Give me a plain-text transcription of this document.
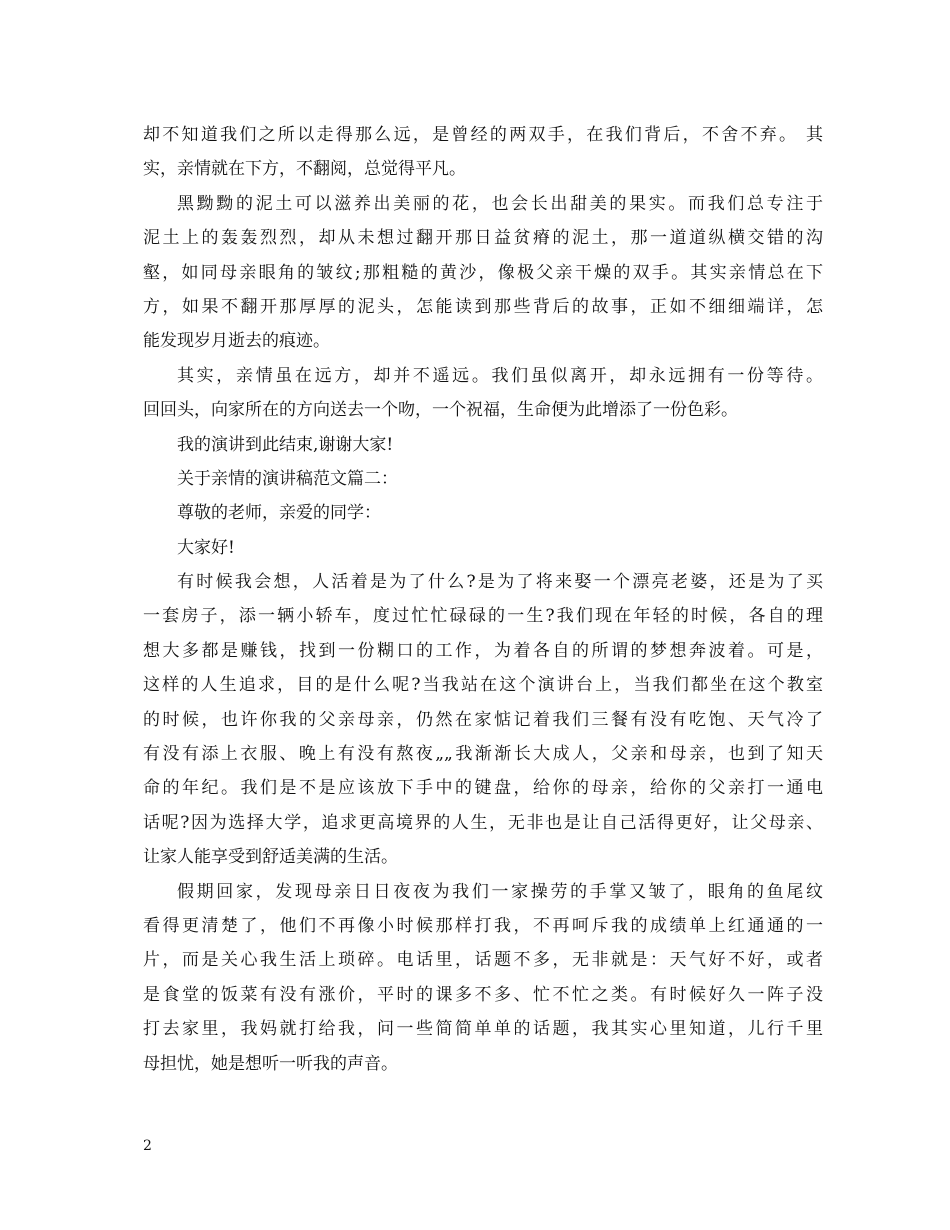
却不知道我们之所以走得那么远，是曾经的两双手，在我们背后，不舍不弃。 其
实，亲情就在下方，不翻阅，总觉得平凡。
黑黝黝的泥土可以滋养出美丽的花，也会长出甜美的果实。而我们总专注于
泥土上的轰轰烈烈，却从未想过翻开那日益贫瘠的泥土，那一道道纵横交错的沟
壑，如同母亲眼角的皱纹;那粗糙的黄沙，像极父亲干燥的双手。其实亲情总在下
方，如果不翻开那厚厚的泥头，怎能读到那些背后的故事，正如不细细端详，怎
能发现岁月逝去的痕迹。
其实，亲情虽在远方，却并不遥远。我们虽似离开，却永远拥有一份等待。
回回头，向家所在的方向送去一个吻，一个祝福，生命便为此增添了一份色彩。
我的演讲到此结束,谢谢大家!
关于亲情的演讲稿范文篇二：
尊敬的老师，亲爱的同学：
大家好!
有时候我会想，人活着是为了什么?是为了将来娶一个漂亮老婆，还是为了买
一套房子，添一辆小轿车，度过忙忙碌碌的一生?我们现在年轻的时候，各自的理
想大多都是赚钱，找到一份糊口的工作，为着各自的所谓的梦想奔波着。可是，
这样的人生追求，目的是什么呢?当我站在这个演讲台上，当我们都坐在这个教室
的时候，也许你我的父亲母亲，仍然在家惦记着我们三餐有没有吃饱、天气冷了
有没有添上衣服、晚上有没有熬夜„„我渐渐长大成人，父亲和母亲，也到了知天
命的年纪。我们是不是应该放下手中的键盘，给你的母亲，给你的父亲打一通电
话呢?因为选择大学，追求更高境界的人生，无非也是让自己活得更好，让父母亲、
让家人能享受到舒适美满的生活。
假期回家，发现母亲日日夜夜为我们一家操劳的手掌又皱了，眼角的鱼尾纹
看得更清楚了，他们不再像小时候那样打我，不再呵斥我的成绩单上红通通的一
片，而是关心我生活上琐碎。电话里，话题不多，无非就是：天气好不好，或者
是食堂的饭菜有没有涨价，平时的课多不多、忙不忙之类。有时候好久一阵子没
打去家里，我妈就打给我，问一些简简单单的话题，我其实心里知道，儿行千里
母担忧，她是想听一听我的声音。
2
